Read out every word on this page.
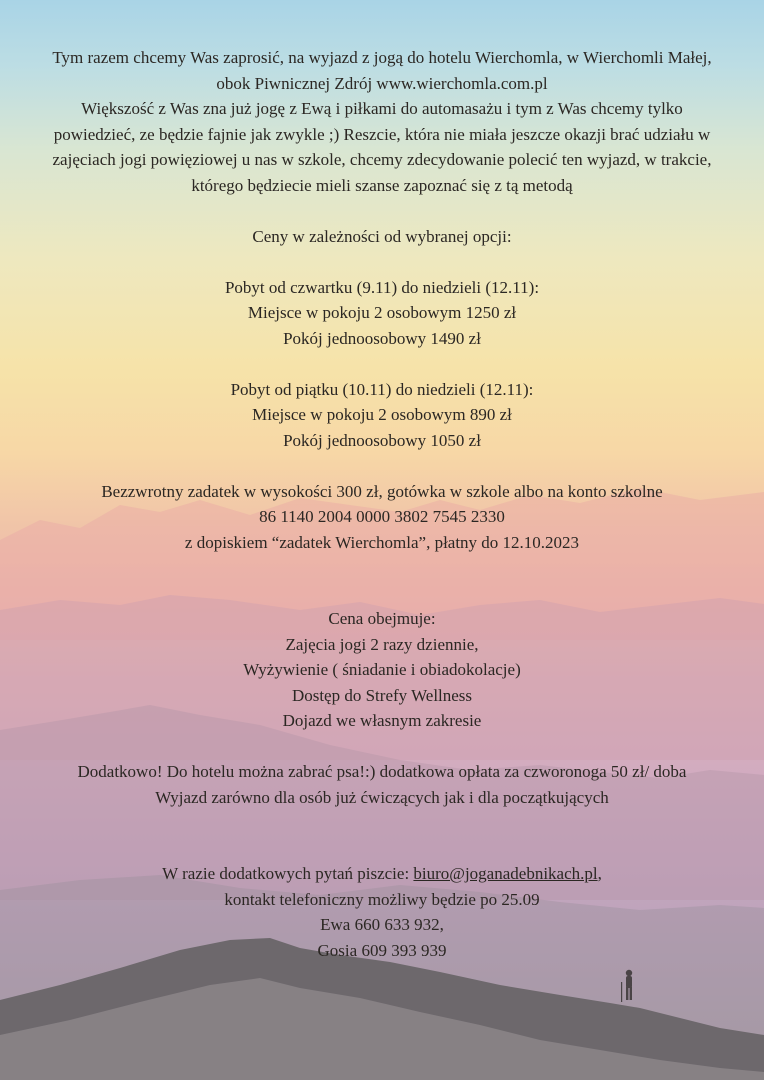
Tym razem chcemy Was zaprosić, na wyjazd z jogą do hotelu Wierchomla, w Wierchomli Małej,

obok Piwnicznej Zdrój www.wierchomla.com.pl

Większość z Was zna już jogę z Ewą i piłkami do automasażu i tym z Was chcemy tylko

powiedzieć, ze będzie fajnie jak zwykle ;) Reszcie, która nie miała jeszcze okazji brać udziału w

zajęciach jogi powięziowej u nas w szkole, chcemy zdecydowanie polecić ten wyjazd, w trakcie,

którego będziecie mieli szanse zapoznać się z tą metodą

Ceny w zależności od wybranej opcji:

Pobyt od czwartku (9.11) do niedzieli (12.11):

Miejsce w pokoju 2 osobowym 1250 zł

Pokój jednoosobowy 1490 zł

Pobyt od piątku (10.11) do niedzieli (12.11):

Miejsce w pokoju 2 osobowym 890 zł

Pokój jednoosobowy 1050 zł

Bezzwrotny zadatek w wysokości 300 zł, gotówka w szkole albo na konto szkolne

86 1140 2004 0000 3802 7545 2330

z dopiskiem “zadatek Wierchomla”, płatny do 12.10.2023

Cena obejmuje:

Zajęcia jogi 2 razy dziennie,

Wyżywienie ( śniadanie i obiadokolacje)

Dostęp do Strefy Wellness

Dojazd we własnym zakresie

Dodatkowo! Do hotelu można zabrać psa!:) dodatkowa opłata za czworonoga 50 zł/ doba

Wyjazd zarówno dla osób już ćwiczących jak i dla początkujących

W razie dodatkowych pytań piszcie: biuro@joganadebnikach.pl,

kontakt telefoniczny możliwy będzie po 25.09

Ewa 660 633 932,

Gosia 609 393 939
